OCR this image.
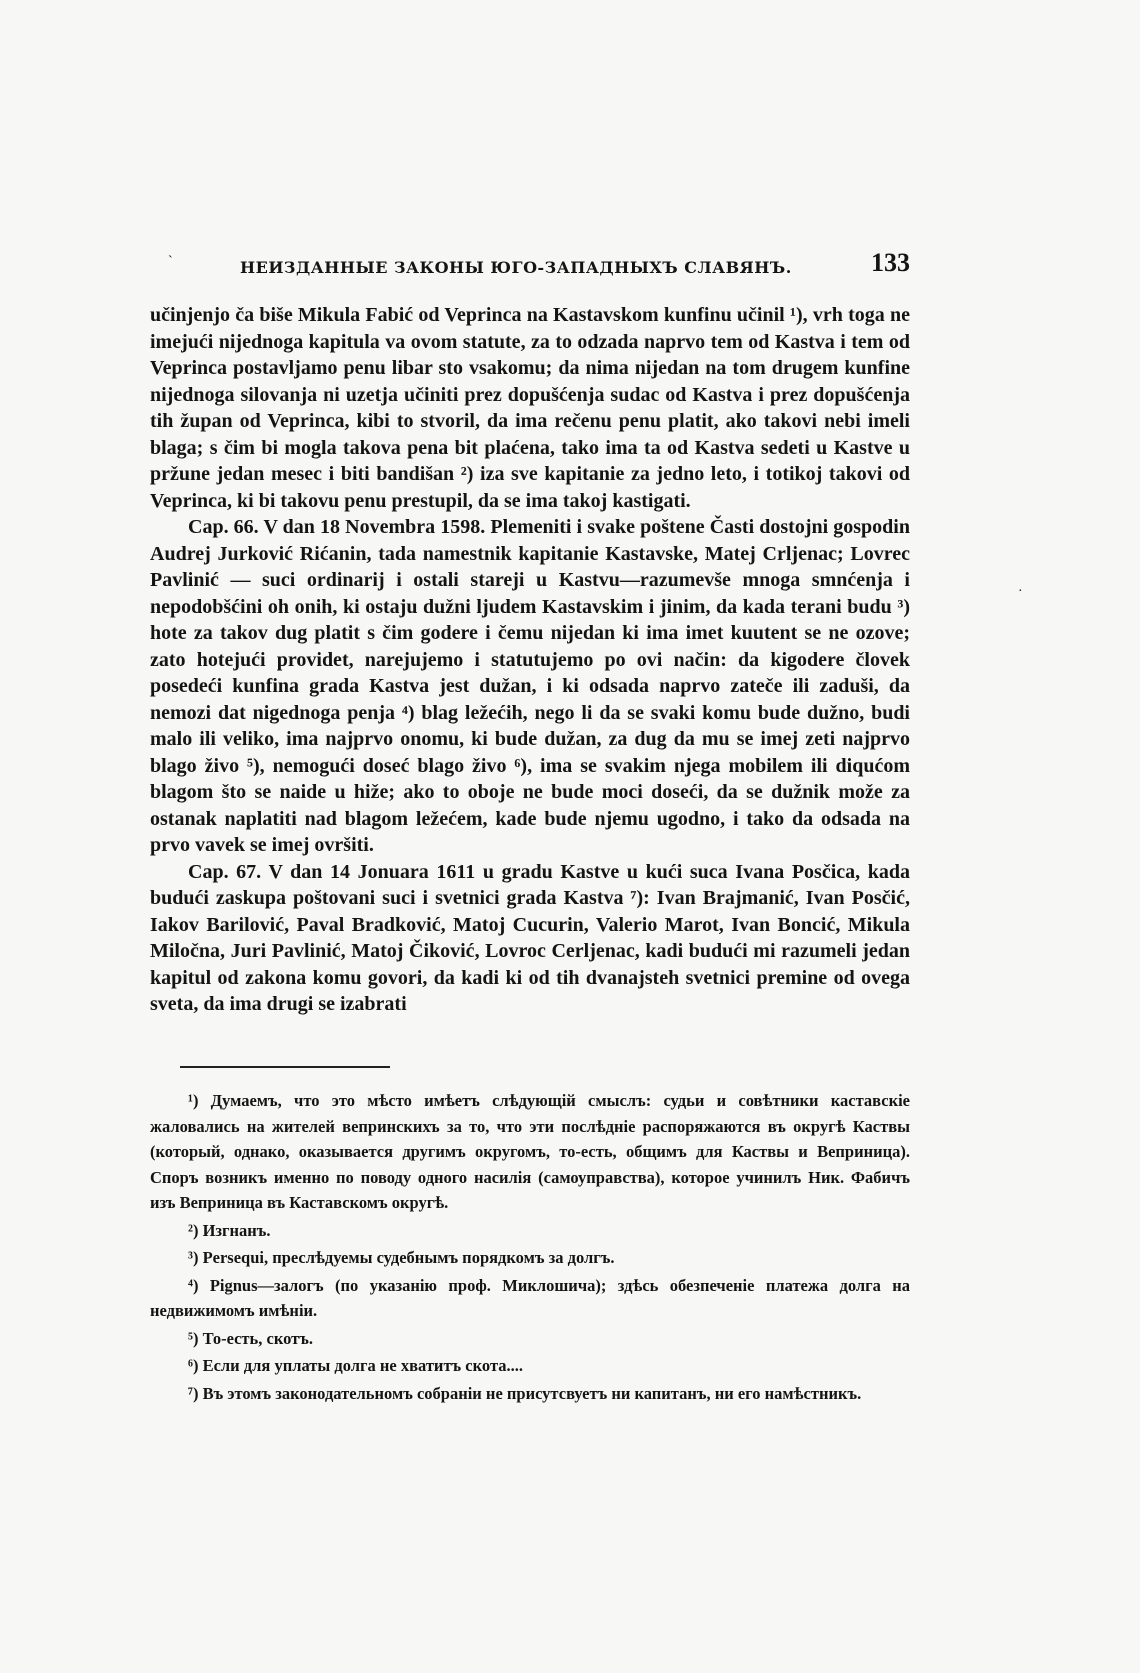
`
·
НЕИЗДАННЫЕ ЗАКОНЫ ЮГО-ЗАПАДНЫХЪ СЛАВЯНЪ.	133

učinjenjo ča biše Mikula Fabić od Veprinca na Kastavskom kunfinu učinil ¹), vrh toga ne imejući nijednoga kapitula va ovom statute, za to odzada naprvo tem od Kastva i tem od Veprinca postavljamo penu libar sto vsakomu; da nima nijedan na tom drugem kunfine nijednoga silovanja ni uzetja učiniti prez dopušćenja sudac od Kastva i prez dopušćenja tih župan od Veprinca, kibi to stvoril, da ima rečenu penu platit, ako takovi nebi imeli blaga; s čim bi mogla takova pena bit plaćena, tako ima ta od Kastva sedeti u Kastve u pržune jedan mesec i biti bandišan ²) iza sve kapitanie za jedno leto, i totikoj takovi od Veprinca, ki bi takovu penu prestupil, da se ima takoj kastigati.

Cap. 66. V dan 18 Novembra 1598. Plemeniti i svake poštene Časti dostojni gospodin Audrej Jurković Rićanin, tada namestnik kapitanie Kastavske, Matej Crljenac; Lovrec Pavlinić — suci ordinarij i ostali stareji u Kastvu—razumevše mnoga smnćenja i nepodobšćini oh onih, ki ostaju dužni ljudem Kastavskim i jinim, da kada terani budu ³) hote za takov dug platit s čim godere i čemu nijedan ki ima imet kuutent se ne ozove; zato hotejući providet, narejujemo i statutujemo po ovi način: da kigodere človek posedeći kunfina grada Kastva jest dužan, i ki odsada naprvo zateče ili zaduši, da nemozi dat nigednoga penja ⁴) blag ležećih, nego li da se svaki komu bude dužno, budi malo ili veliko, ima najprvo onomu, ki bude dužan, za dug da mu se imej zeti najprvo blago živo ⁵), nemogući doseć blago živo ⁶), ima se svakim njega mobilem ili diqućom blagom što se naide u hiže; ako to oboje ne bude moci doseći, da se dužnik može za ostanak naplatiti nad blagom ležećem, kade bude njemu ugodno, i tako da odsada na prvo vavek se imej ovršiti.

Cap. 67. V dan 14 Jonuara 1611 u gradu Kastve u kući suca Ivana Posčica, kada budući zaskupa poštovani suci i svetnici grada Kastva ⁷): Ivan Brajmanić, Ivan Posčić, Iakov Barilović, Paval Bradković, Matoj Cucurin, Valerio Marot, Ivan Boncić, Mikula Miločna, Juri Pavlinić, Matoj Čiković, Lovroc Cerljenac, kadi budući mi razumeli jedan kapitul od zakona komu govori, da kadi ki od tih dvanajsteh svetnici premine od ovega sveta, da ima drugi se izabrati

¹) Думаемъ, что это мѣсто имѣетъ слѣдующій смыслъ: судьи и совѣтники каставскіе жаловались на жителей вепринскихъ за то, что эти послѣдніе распоряжаются въ округѣ Каствы (который, однако, оказывается другимъ округомъ, то-есть, общимъ для Каствы и Веприница). Споръ возникъ именно по поводу одного насилія (самоуправства), которое учинилъ Ник. Фабичъ изъ Веприница въ Каставскомъ округѣ.

²) Изгнанъ.

³) Persequi, преслѣдуемы судебнымъ порядкомъ за долгъ.

⁴) Pignus—залогъ (по указанію проф. Миклошича); здѣсь обезпеченіе платежа долга на недвижимомъ имѣніи.

⁵) То-есть, скотъ.

⁶) Если для уплаты долга не хватитъ скота....

⁷) Въ этомъ законодательномъ собраніи не присутсвуетъ ни капитанъ, ни его намѣстникъ.
